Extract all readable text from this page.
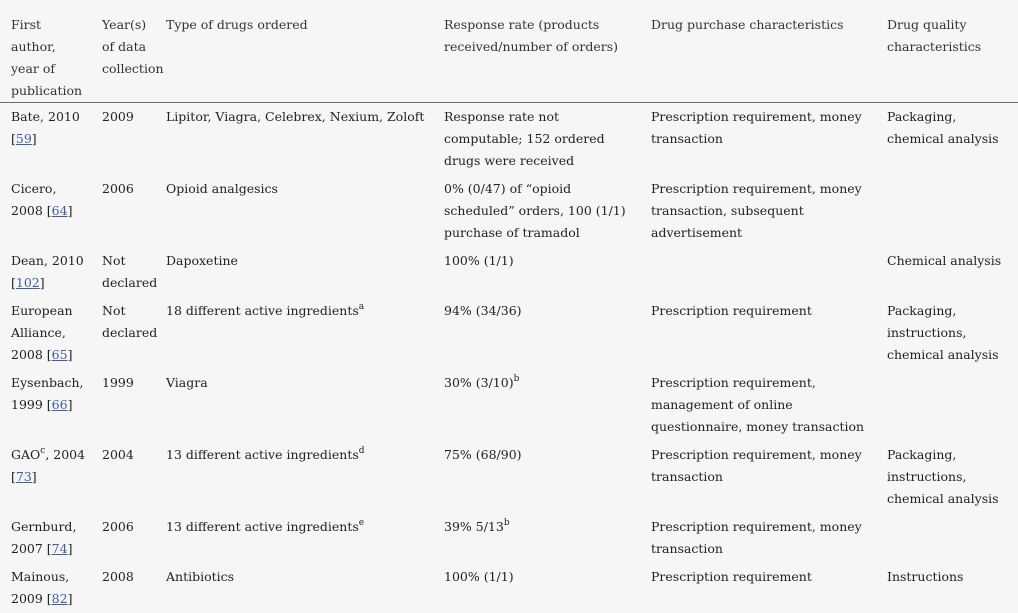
First author, year of publication	Year(s) of data collection	Type of drugs ordered	Response rate (products received/number of orders)	Drug purchase characteristics	Drug quality characteristics
Bate, 2010 [59]	2009	Lipitor, Viagra, Celebrex, Nexium, Zoloft	Response rate not computable; 152 ordered drugs were received	Prescription requirement, money transaction	Packaging, chemical analysis
Cicero, 2008 [64]	2006	Opioid analgesics	0% (0/47) of “opioid scheduled” orders, 100 (1/1) purchase of tramadol	Prescription requirement, money transaction, subsequent advertisement	
Dean, 2010 [102]	Not declared	Dapoxetine	100% (1/1)		Chemical analysis
European Alliance, 2008 [65]	Not declared	18 different active ingredients$^a$	94% (34/36)	Prescription requirement	Packaging, instructions, chemical analysis
Eysenbach, 1999 [66]	1999	Viagra	30% $(3/10)^b$	Prescription requirement, management of online questionnaire, money transaction	
GAO$^c$, 2004 [73]	2004	13 different active ingredients$^d$	75% (68/90)	Prescription requirement, money transaction	Packaging, instructions, chemical analysis
Gernburd, 2007 [74]	2006	13 different active ingredients$^e$	39% 5/13$^b$	Prescription requirement, money transaction	
Mainous, 2009 [82]	2008	Antibiotics	100% (1/1)	Prescription requirement	Instructions
